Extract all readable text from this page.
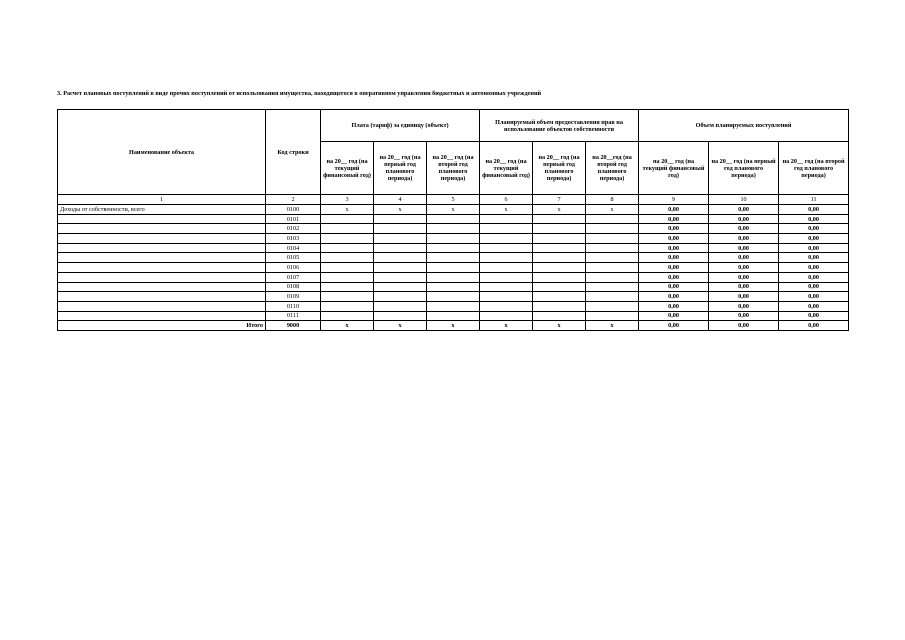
3. Расчет плановых поступлений в виде прочих поступлений от использования имущества, находящегося в оперативном управлении бюджетных и автономных учреждений
Наименование объекта	Код строки	Плата (тариф) за единицу (объект)			Планируемый объем предоставления прав на использование объектов собственности			Объем планируемых поступлений		
		на 20__ год (на текущий финансовый год)	на 20__ год (на первый год планового периода)	на 20__ год (на второй год планового периода)	на 20__ год (на текущий финансовый год)	на 20__ год (на первый год планового периода)	на 20__год (на второй год планового периода)	на 20__ год (на текущий финансовый год)	на 20__ год (на первый год планового периода)	на 20__ год (на второй год планового периода)
1	2	3	4	5	6	7	8	9	10	11
Доходы от собственности, всего	0100	x	x	x	x	x	x	0,00	0,00	0,00
	0101							0,00	0,00	0,00
	0102							0,00	0,00	0,00
	0103							0,00	0,00	0,00
	0104							0,00	0,00	0,00
	0105							0,00	0,00	0,00
	0106							0,00	0,00	0,00
	0107							0,00	0,00	0,00
	0108							0,00	0,00	0,00
	0109							0,00	0,00	0,00
	0110							0,00	0,00	0,00
	0111							0,00	0,00	0,00
Итого	9000	x	x	x	x	x	x	0,00	0,00	0,00
